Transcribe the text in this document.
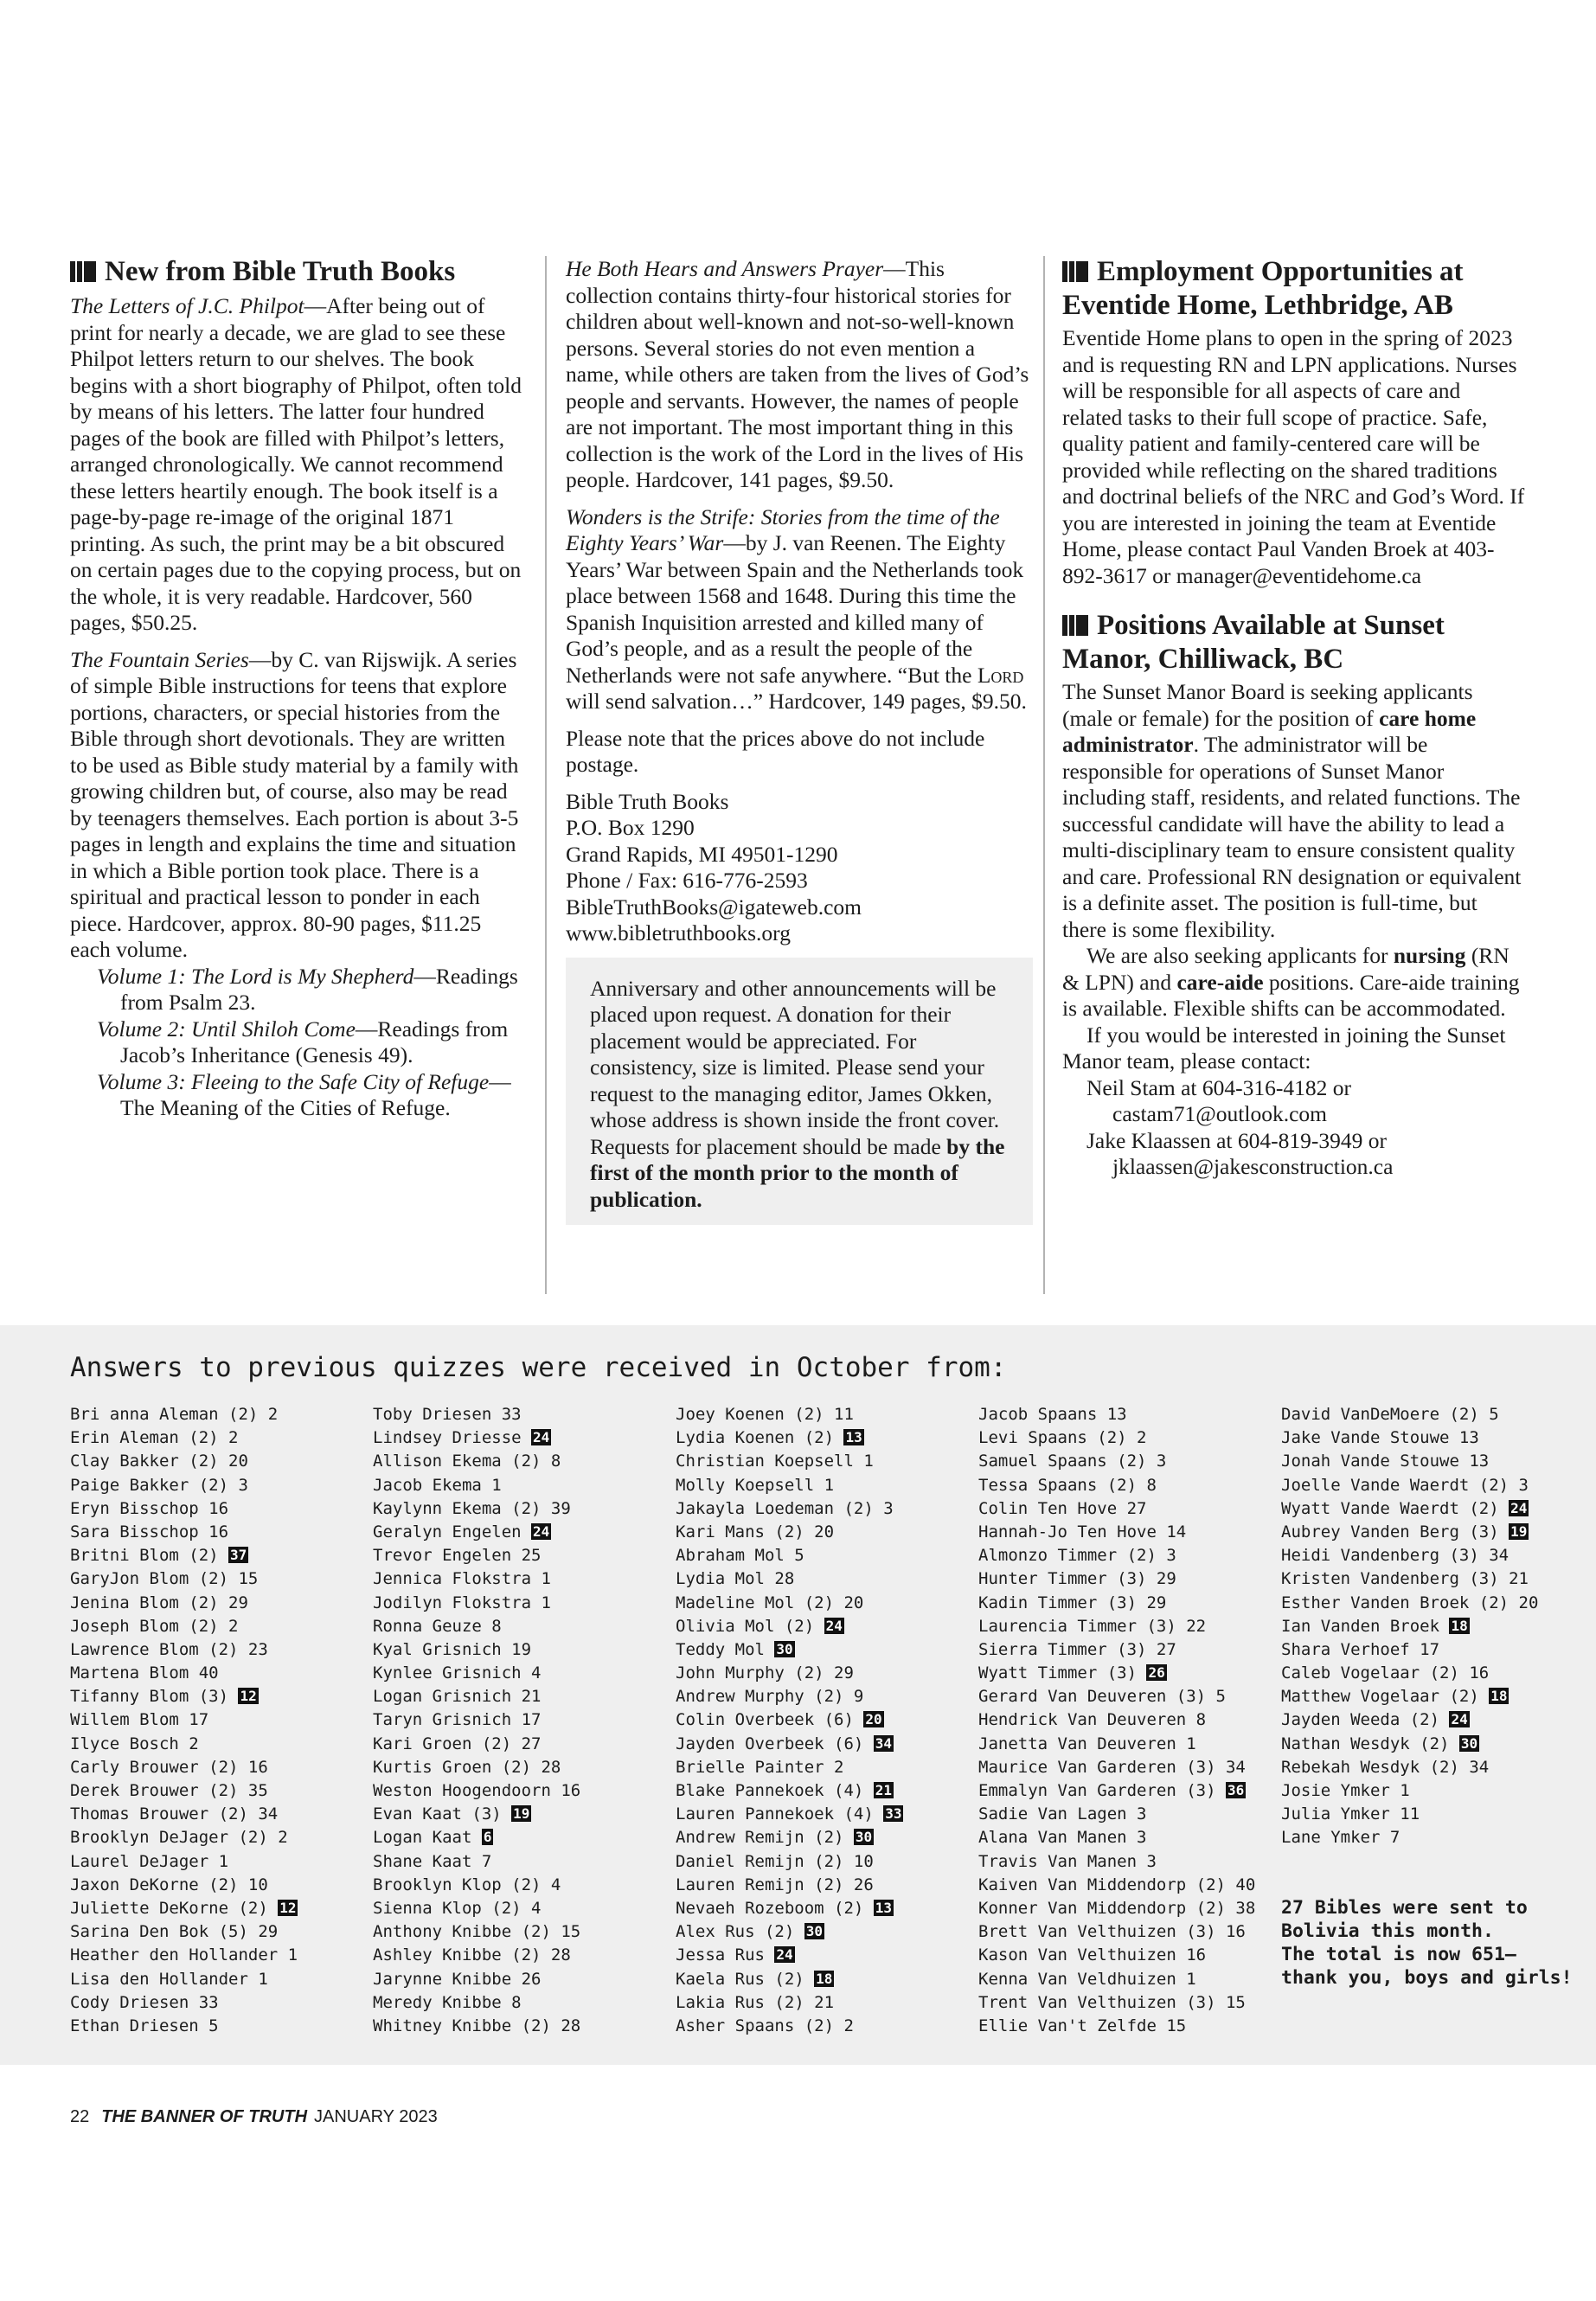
New from Bible Truth Books

The Letters of J.C. Philpot—After being out of print for nearly a decade, we are glad to see these Philpot letters return to our shelves. The book begins with a short biography of Philpot, often told by means of his letters. The latter four hundred pages of the book are filled with Philpot’s letters, arranged chronologically. We cannot recommend these letters heartily enough. The book itself is a page-by-page re-image of the original 1871 printing. As such, the print may be a bit obscured on certain pages due to the copying process, but on the whole, it is very readable. Hardcover, 560 pages, $50.25.

The Fountain Series—by C. van Rijswijk. A series of simple Bible instructions for teens that explore portions, characters, or special histories from the Bible through short devotionals. They are written to be used as Bible study material by a family with growing children but, of course, also may be read by teenagers themselves. Each portion is about 3-5 pages in length and explains the time and situation in which a Bible portion took place. There is a spiritual and practical lesson to ponder in each piece. Hardcover, approx. 80-90 pages, $11.25 each volume.

Volume 1: The Lord is My Shepherd—Readings from Psalm 23.

Volume 2: Until Shiloh Come—Readings from Jacob’s Inheritance (Genesis 49).

Volume 3: Fleeing to the Safe City of Refuge—The Meaning of the Cities of Refuge.

He Both Hears and Answers Prayer—This collection contains thirty-four historical stories for children about well-known and not-so-well-known persons. Several stories do not even mention a name, while others are taken from the lives of God’s people and servants. However, the names of people are not important. The most important thing in this collection is the work of the Lord in the lives of His people. Hardcover, 141 pages, $9.50.

Wonders is the Strife: Stories from the time of the Eighty Years’ War—by J. van Reenen. The Eighty Years’ War between Spain and the Netherlands took place between 1568 and 1648. During this time the Spanish Inquisition arrested and killed many of God’s people, and as a result the people of the Netherlands were not safe anywhere. “But the Lord will send salvation…” Hardcover, 149 pages, $9.50.

Please note that the prices above do not include postage.

Bible Truth Books
P.O. Box 1290
Grand Rapids, MI 49501-1290
Phone / Fax: 616-776-2593
BibleTruthBooks@igateweb.com
www.bibletruthbooks.org

Anniversary and other announcements will be placed upon request. A donation for their placement would be appreciated. For consistency, size is limited. Please send your request to the managing editor, James Okken, whose address is shown inside the front cover. Requests for placement should be made by the first of the month prior to the month of publication.

Employment Opportunities at Eventide Home, Lethbridge, AB

Eventide Home plans to open in the spring of 2023 and is requesting RN and LPN applications. Nurses will be responsible for all aspects of care and related tasks to their full scope of practice. Safe, quality patient and family-centered care will be provided while reflecting on the shared traditions and doctrinal beliefs of the NRC and God’s Word. If you are interested in joining the team at Eventide Home, please contact Paul Vanden Broek at 403-892-3617 or manager@eventidehome.ca

Positions Available at Sunset Manor, Chilliwack, BC

The Sunset Manor Board is seeking applicants (male or female) for the position of care home administrator. The administrator will be responsible for operations of Sunset Manor including staff, residents, and related functions. The successful candidate will have the ability to lead a multi-disciplinary team to ensure consistent quality and care. Professional RN designation or equivalent is a definite asset. The position is full-time, but there is some flexibility.

We are also seeking applicants for nursing (RN & LPN) and care-aide positions. Care-aide training is available. Flexible shifts can be accommodated.

If you would be interested in joining the Sunset Manor team, please contact:

Neil Stam at 604-316-4182 or

castam71@outlook.com

Jake Klaassen at 604-819-3949 or

jklaassen@jakesconstruction.ca

Answers to previous quizzes were received in October from:
Bri anna Aleman (2) 2
Erin Aleman (2) 2
Clay Bakker (2) 20
Paige Bakker (2) 3
Eryn Bisschop 16
Sara Bisschop 16
Britni Blom (2) 37
GaryJon Blom (2) 15
Jenina Blom (2) 29
Joseph Blom (2) 2
Lawrence Blom (2) 23
Martena Blom 40
Tifanny Blom (3) 12
Willem Blom 17
Ilyce Bosch 2
Carly Brouwer (2) 16
Derek Brouwer (2) 35
Thomas Brouwer (2) 34
Brooklyn DeJager (2) 2
Laurel DeJager 1
Jaxon DeKorne (2) 10
Juliette DeKorne (2) 12
Sarina Den Bok (5) 29
Heather den Hollander 1
Lisa den Hollander 1
Cody Driesen 33
Ethan Driesen 5
Toby Driesen 33
Lindsey Driesse 24
Allison Ekema (2) 8
Jacob Ekema 1
Kaylynn Ekema (2) 39
Geralyn Engelen 24
Trevor Engelen 25
Jennica Flokstra 1
Jodilyn Flokstra 1
Ronna Geuze 8
Kyal Grisnich 19
Kynlee Grisnich 4
Logan Grisnich 21
Taryn Grisnich 17
Kari Groen (2) 27
Kurtis Groen (2) 28
Weston Hoogendoorn 16
Evan Kaat (3) 19
Logan Kaat 6
Shane Kaat 7
Brooklyn Klop (2) 4
Sienna Klop (2) 4
Anthony Knibbe (2) 15
Ashley Knibbe (2) 28
Jarynne Knibbe 26
Meredy Knibbe 8
Whitney Knibbe (2) 28
Joey Koenen (2) 11
Lydia Koenen (2) 13
Christian Koepsell 1
Molly Koepsell 1
Jakayla Loedeman (2) 3
Kari Mans (2) 20
Abraham Mol 5
Lydia Mol 28
Madeline Mol (2) 20
Olivia Mol (2) 24
Teddy Mol 30
John Murphy (2) 29
Andrew Murphy (2) 9
Colin Overbeek (6) 20
Jayden Overbeek (6) 34
Brielle Painter 2
Blake Pannekoek (4) 21
Lauren Pannekoek (4) 33
Andrew Remijn (2) 30
Daniel Remijn (2) 10
Lauren Remijn (2) 26
Nevaeh Rozeboom (2) 13
Alex Rus (2) 30
Jessa Rus 24
Kaela Rus (2) 18
Lakia Rus (2) 21
Asher Spaans (2) 2
Jacob Spaans 13
Levi Spaans (2) 2
Samuel Spaans (2) 3
Tessa Spaans (2) 8
Colin Ten Hove 27
Hannah-Jo Ten Hove 14
Almonzo Timmer (2) 3
Hunter Timmer (3) 29
Kadin Timmer (3) 29
Laurencia Timmer (3) 22
Sierra Timmer (3) 27
Wyatt Timmer (3) 26
Gerard Van Deuveren (3) 5
Hendrick Van Deuveren 8
Janetta Van Deuveren 1
Maurice Van Garderen (3) 34
Emmalyn Van Garderen (3) 36
Sadie Van Lagen 3
Alana Van Manen 3
Travis Van Manen 3
Kaiven Van Middendorp (2) 40
Konner Van Middendorp (2) 38
Brett Van Velthuizen (3) 16
Kason Van Velthuizen 16
Kenna Van Veldhuizen 1
Trent Van Velthuizen (3) 15
Ellie Van't Zelfde 15
David VanDeMoere (2) 5
Jake Vande Stouwe 13
Jonah Vande Stouwe 13
Joelle Vande Waerdt (2) 3
Wyatt Vande Waerdt (2) 24
Aubrey Vanden Berg (3) 19
Heidi Vandenberg (3) 34
Kristen Vandenberg (3) 21
Esther Vanden Broek (2) 20
Ian Vanden Broek 18
Shara Verhoef 17
Caleb Vogelaar (2) 16
Matthew Vogelaar (2) 18
Jayden Weeda (2) 24
Nathan Wesdyk (2) 30
Rebekah Wesdyk (2) 34
Josie Ymker 1
Julia Ymker 11
Lane Ymker 7
27 Bibles were sent to
Bolivia this month.
The total is now 651—
thank you, boys and girls!
22 THE BANNER OF TRUTH JANUARY 2023
